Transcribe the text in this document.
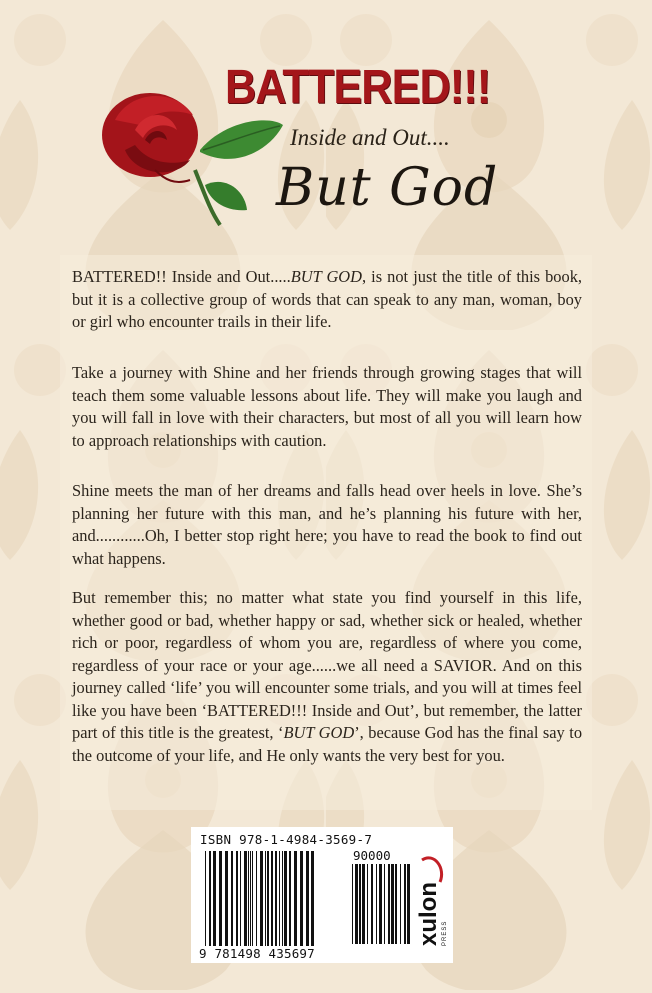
BATTERED!!!
Inside and Out....
But God

BATTERED!! Inside and Out.....BUT GOD, is not just the title of this book, but it is a collective group of words that can speak to any man, woman, boy or girl who encounter trails in their life.

Take a journey with Shine and her friends through growing stages that will teach them some valuable lessons about life. They will make you laugh and you will fall in love with their characters, but most of all you will learn how to approach relationships with caution.

Shine meets the man of her dreams and falls head over heels in love. She’s planning her future with this man, and he’s planning his future with her, and............Oh, I better stop right here; you have to read the book to find out what happens.

But remember this; no matter what state you find yourself in this life, whether good or bad, whether happy or sad, whether sick or healed, whether rich or poor, regardless of whom you are, regardless of where you come, regardless of your race or your age......we all need a SAVIOR. And on this journey called ‘life’ you will encounter some trials, and you will at times feel like you have been ‘BATTERED!!! Inside and Out’, but remember, the latter part of this title is the greatest, ‘BUT GOD’, because God has the final say to the outcome of your life, and He only wants the very best for you.

ISBN 978-1-4984-3569-7
90000
9 781498 435697
xulon PRESS
